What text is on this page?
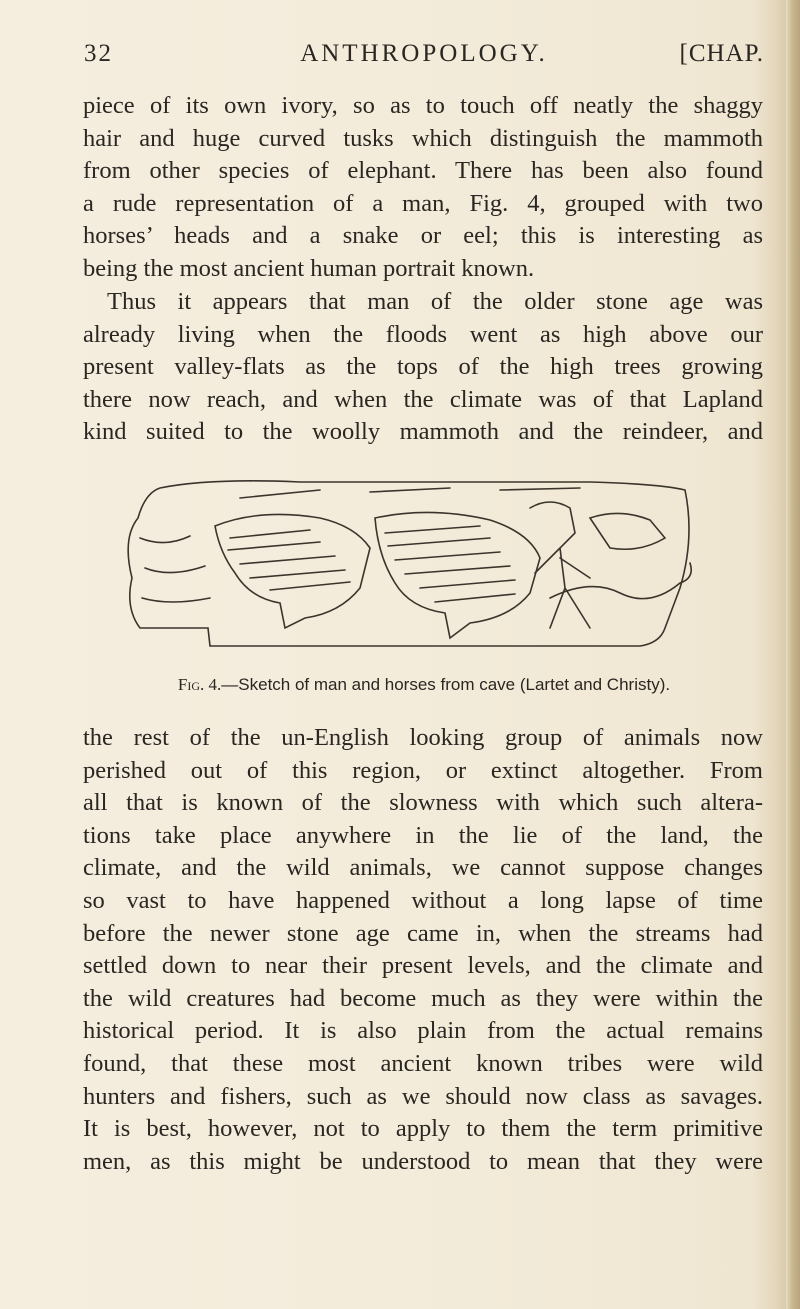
32	ANTHROPOLOGY.	[CHAP.
piece of its own ivory, so as to touch off neatly the shaggy
hair and huge curved tusks which distinguish the mammoth
from other species of elephant. There has been also found
a rude representation of a man, Fig. 4, grouped with two
horses’ heads and a snake or eel; this is interesting as
being the most ancient human portrait known.
Thus it appears that man of the older stone age was
already living when the floods went as high above our
present valley-flats as the tops of the high trees growing
there now reach, and when the climate was of that Lapland
kind suited to the woolly mammoth and the reindeer, and
Fig. 4.—Sketch of man and horses from cave (Lartet and Christy).
the rest of the un-English looking group of animals now
perished out of this region, or extinct altogether. From
all that is known of the slowness with which such altera-
tions take place anywhere in the lie of the land, the
climate, and the wild animals, we cannot suppose changes
so vast to have happened without a long lapse of time
before the newer stone age came in, when the streams had
settled down to near their present levels, and the climate and
the wild creatures had become much as they were within the
historical period. It is also plain from the actual remains
found, that these most ancient known tribes were wild
hunters and fishers, such as we should now class as savages.
It is best, however, not to apply to them the term primitive
men, as this might be understood to mean that they were
